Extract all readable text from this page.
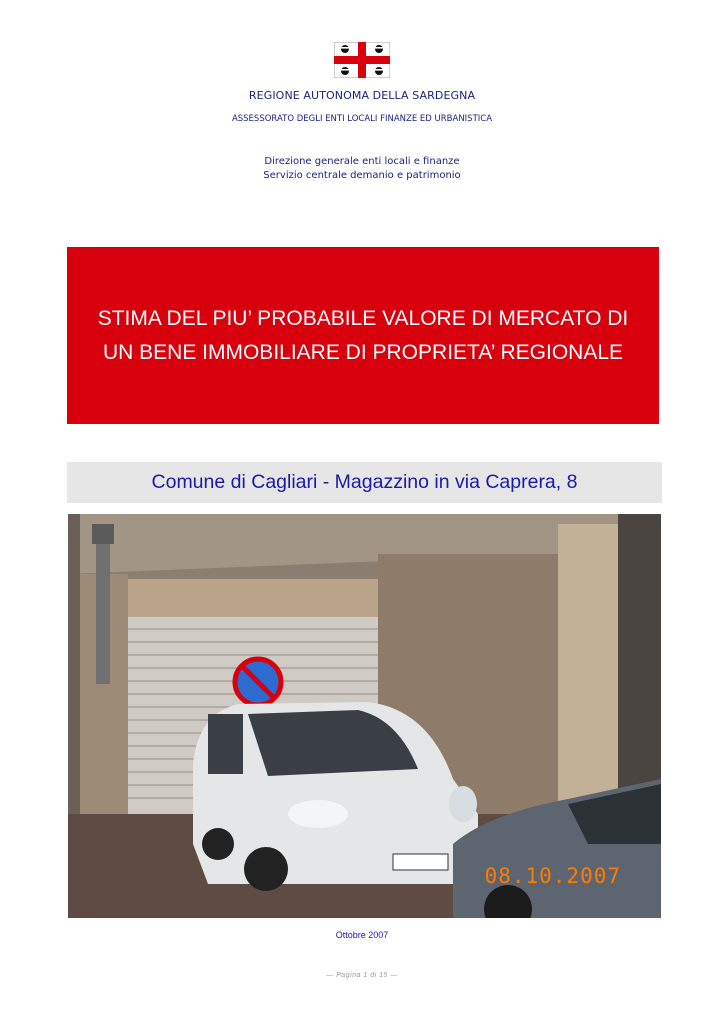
REGIONE AUTONOMA DELLA SARDEGNA
ASSESSORATO DEGLI ENTI LOCALI FINANZE ED URBANISTICA
Direzione generale enti locali e finanze
Servizio centrale demanio e patrimonio
STIMA DEL PIU’ PROBABILE VALORE DI MERCATO DI
UN BENE IMMOBILIARE DI PROPRIETA’ REGIONALE
Comune di Cagliari - Magazzino in via Caprera, 8
08.10.2007
Ottobre 2007
— Pagina 1 di 15 —
